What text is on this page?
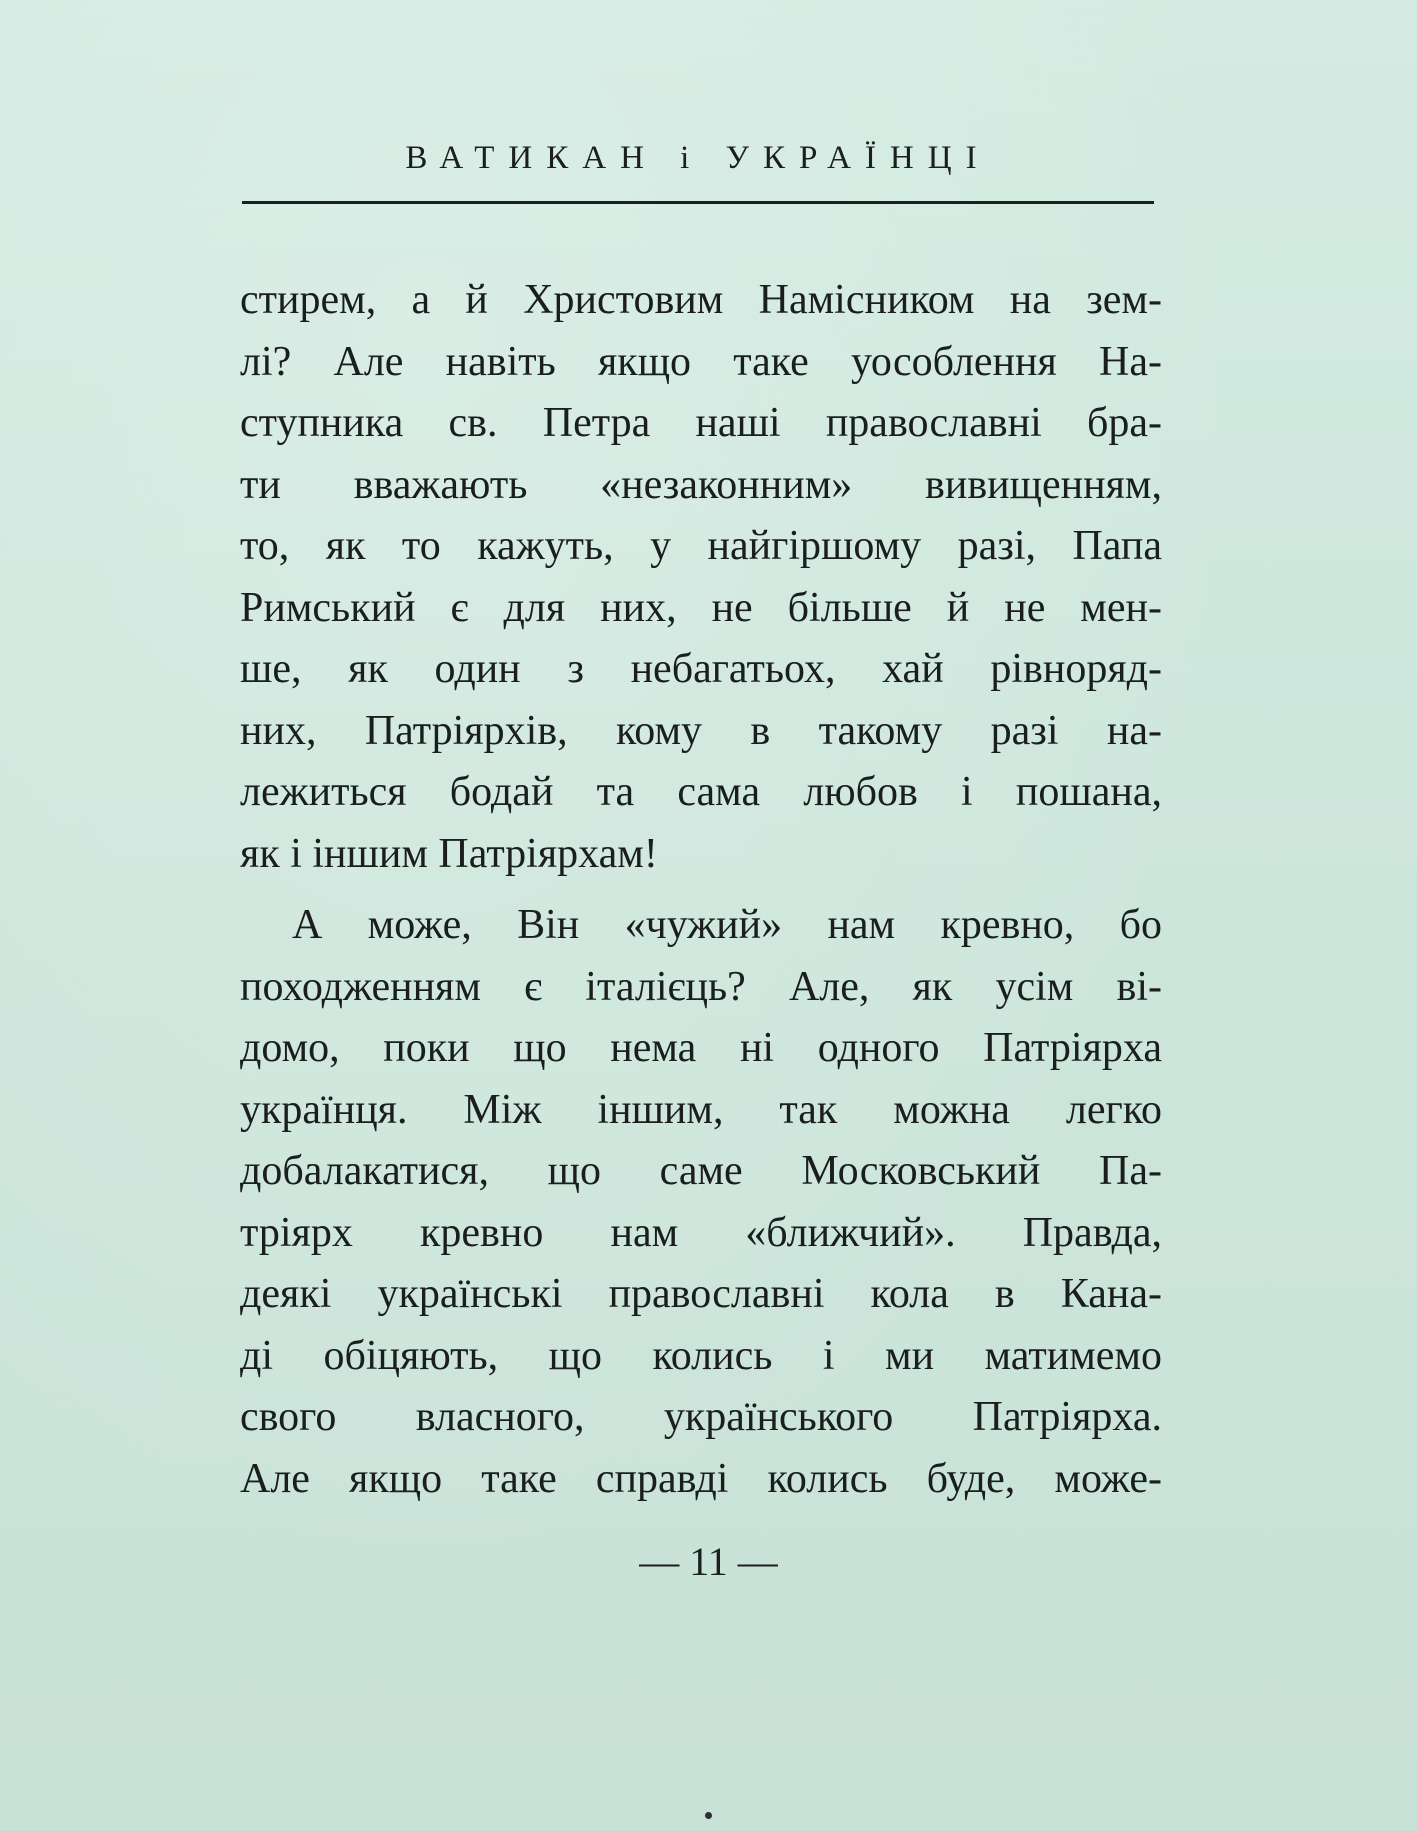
ВАТИКАН і УКРАЇНЦІ
стирем, а й Христовим Намісником на зем-
лі? Але навіть якщо таке уособлення На-
ступника св. Петра наші православні бра-
ти вважають «незаконним» вивищенням,
то, як то кажуть, у найгіршому разі, Папа
Римський є для них, не більше й не мен-
ше, як один з небагатьох, хай рівноряд-
них, Патріярхів, кому в такому разі на-
лежиться бодай та сама любов і пошана,
як і іншим Патріярхам!
А може, Він «чужий» нам кревно, бо
походженням є італієць? Але, як усім ві-
домо, поки що нема ні одного Патріярха
українця. Між іншим, так можна легко
добалакатися, що саме Московський Па-
тріярх кревно нам «ближчий». Правда,
деякі українські православні кола в Кана-
ді обіцяють, що колись і ми матимемо
свого власного, українського Патріярха.
Але якщо таке справді колись буде, може-
— 11 —
